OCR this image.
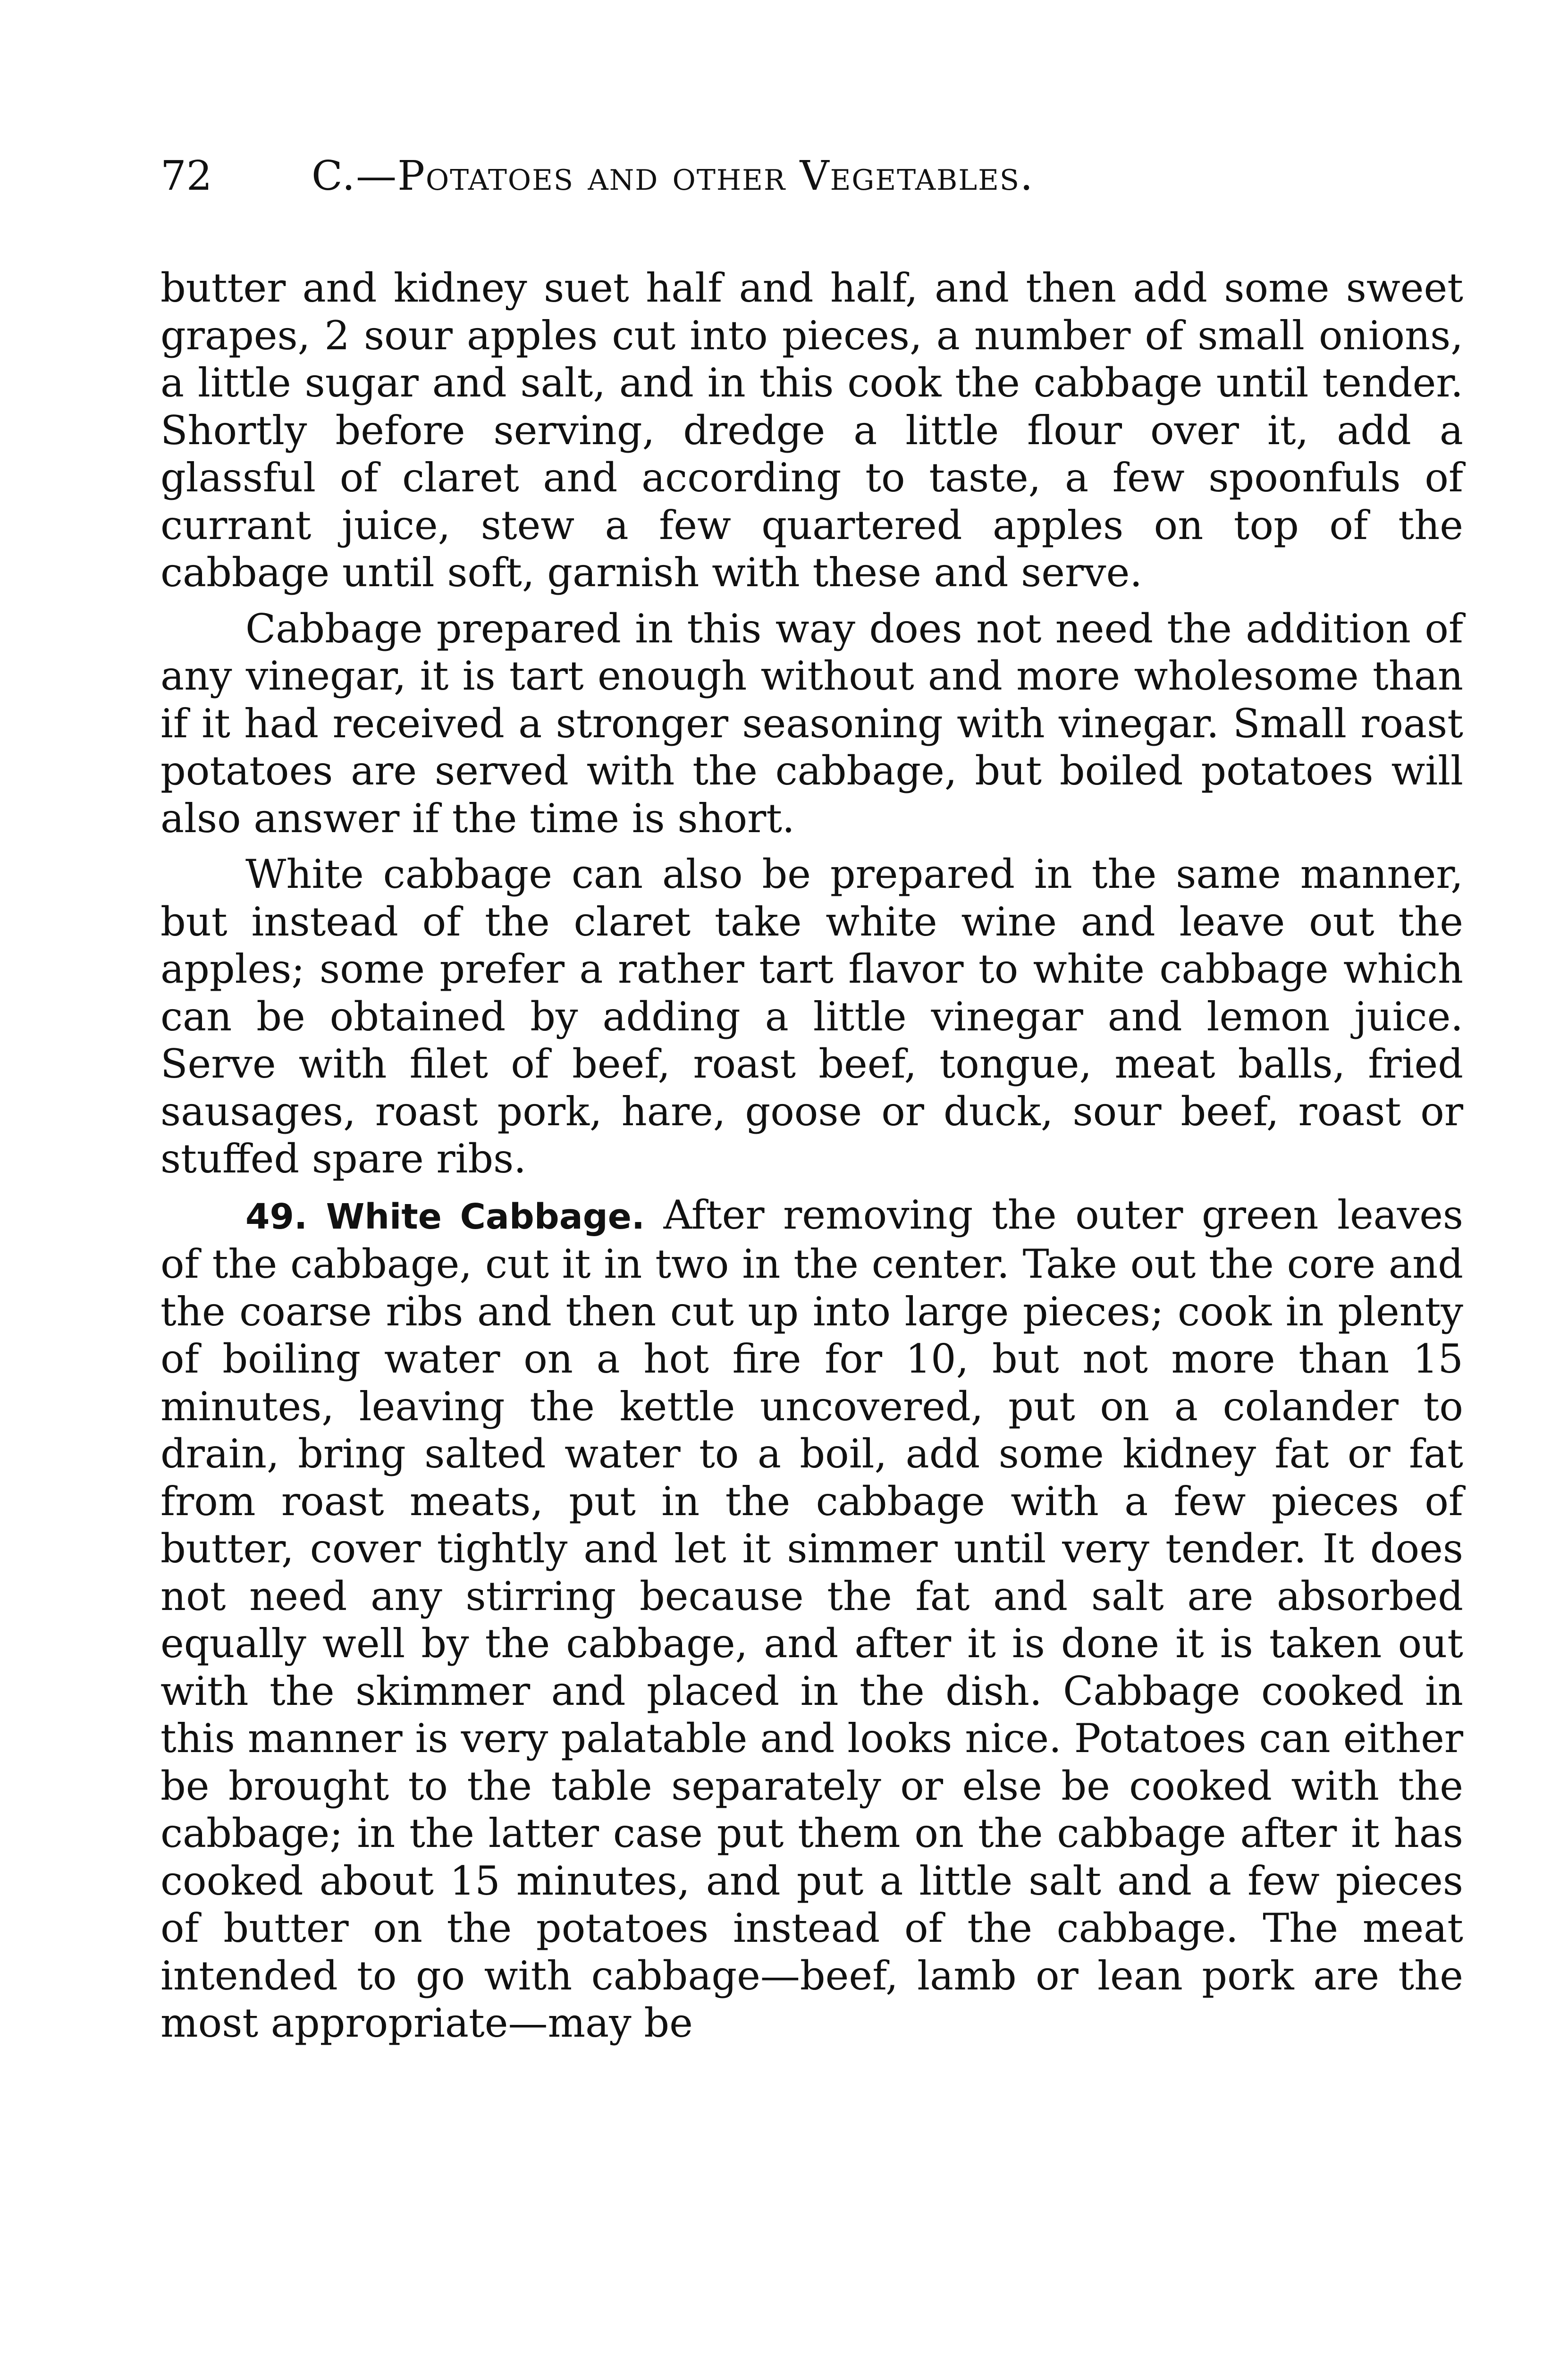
72	C.—Potatoes and other Vegetables.

butter and kidney suet half and half, and then add some sweet grapes, 2 sour apples cut into pieces, a number of small onions, a little sugar and salt, and in this cook the cabbage until tender. Shortly before serving, dredge a little flour over it, add a glassful of claret and according to taste, a few spoonfuls of currant juice, stew a few quartered apples on top of the cabbage until soft, garnish with these and serve.

Cabbage prepared in this way does not need the addition of any vinegar, it is tart enough without and more wholesome than if it had received a stronger seasoning with vinegar. Small roast potatoes are served with the cabbage, but boiled potatoes will also answer if the time is short.

White cabbage can also be prepared in the same manner, but instead of the claret take white wine and leave out the apples; some prefer a rather tart flavor to white cabbage which can be obtained by adding a little vinegar and lemon juice. Serve with filet of beef, roast beef, tongue, meat balls, fried sausages, roast pork, hare, goose or duck, sour beef, roast or stuffed spare ribs.

49. White Cabbage. After removing the outer green leaves of the cabbage, cut it in two in the center. Take out the core and the coarse ribs and then cut up into large pieces; cook in plenty of boiling water on a hot fire for 10, but not more than 15 minutes, leaving the kettle uncovered, put on a colander to drain, bring salted water to a boil, add some kidney fat or fat from roast meats, put in the cabbage with a few pieces of butter, cover tightly and let it simmer until very tender. It does not need any stirring because the fat and salt are absorbed equally well by the cabbage, and after it is done it is taken out with the skimmer and placed in the dish. Cabbage cooked in this manner is very palatable and looks nice. Potatoes can either be brought to the table separately or else be cooked with the cabbage; in the latter case put them on the cabbage after it has cooked about 15 minutes, and put a little salt and a few pieces of butter on the potatoes instead of the cabbage. The meat intended to go with cabbage—beef, lamb or lean pork are the most appropriate—may be
